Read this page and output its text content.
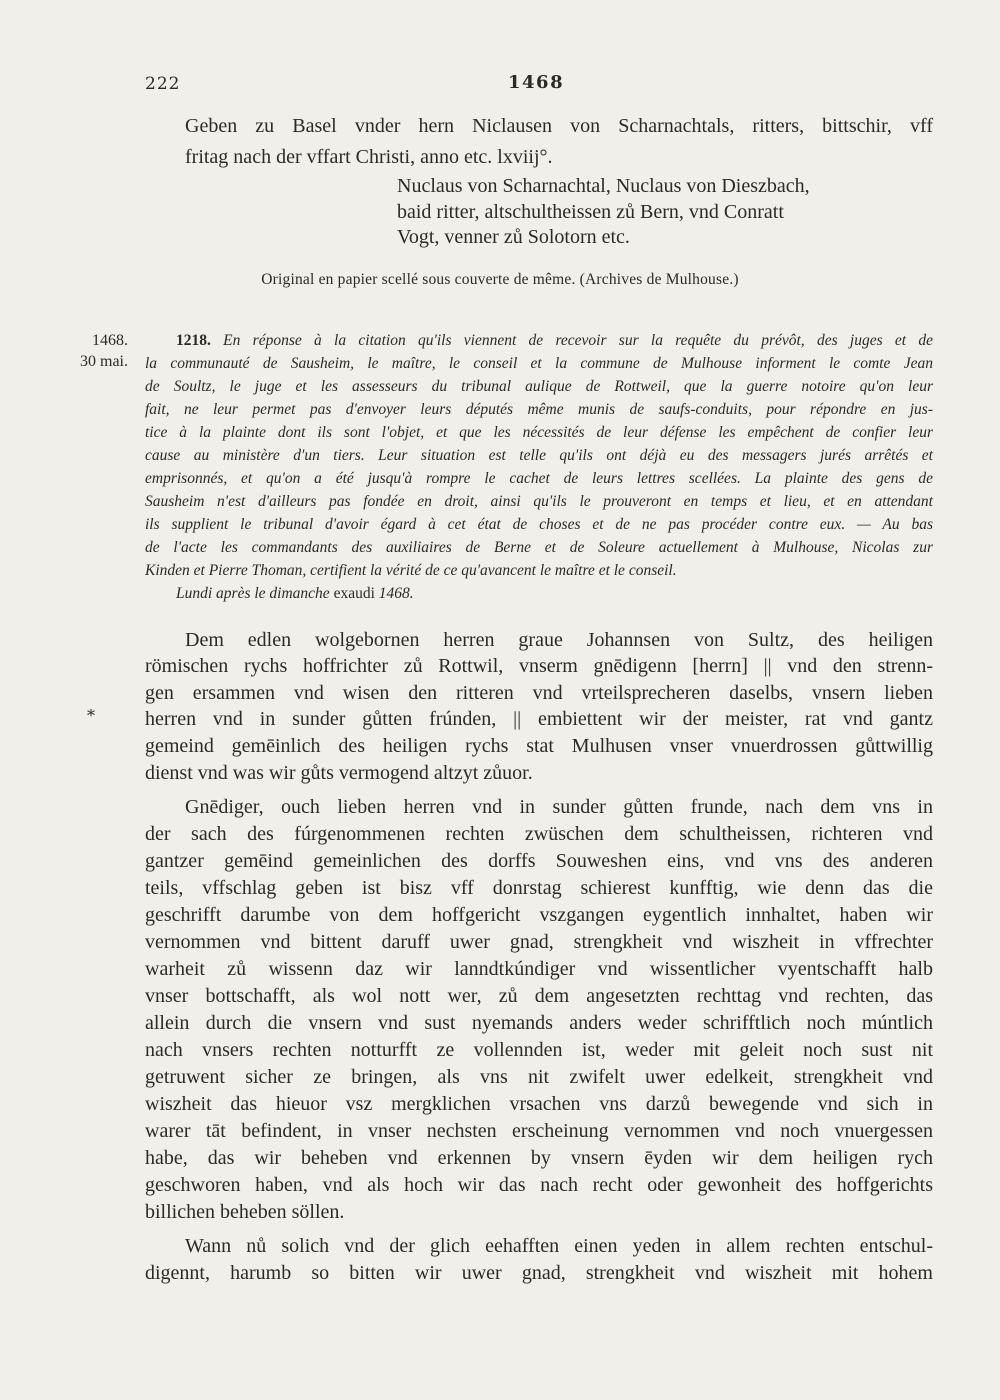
222	1468
Geben zu Basel vnder hern Niclausen von Scharnachtals, ritters, bittschir, vff
fritag nach der vffart Christi, anno etc. lxviij°.
Nuclaus von Scharnachtal, Nuclaus von Dieszbach,
baid ritter, altschultheissen zů Bern, vnd Conratt
Vogt, venner zů Solotorn etc.
Original en papier scellé sous couverte de même. (Archives de Mulhouse.)
1468.
30 mai.
1218. En réponse à la citation qu'ils viennent de recevoir sur la requête du prévôt, des juges et de
la communauté de Sausheim, le maître, le conseil et la commune de Mulhouse informent le comte Jean
de Soultz, le juge et les assesseurs du tribunal aulique de Rottweil, que la guerre notoire qu'on leur
fait, ne leur permet pas d'envoyer leurs députés même munis de saufs-conduits, pour répondre en jus-
tice à la plainte dont ils sont l'objet, et que les nécessités de leur défense les empêchent de confier leur
cause au ministère d'un tiers. Leur situation est telle qu'ils ont déjà eu des messagers jurés arrêtés et
emprisonnés, et qu'on a été jusqu'à rompre le cachet de leurs lettres scellées. La plainte des gens de
Sausheim n'est d'ailleurs pas fondée en droit, ainsi qu'ils le prouveront en temps et lieu, et en attendant
ils supplient le tribunal d'avoir égard à cet état de choses et de ne pas procéder contre eux. — Au bas
de l'acte les commandants des auxiliaires de Berne et de Soleure actuellement à Mulhouse, Nicolas zur
Kinden et Pierre Thoman, certifient la vérité de ce qu'avancent le maître et le conseil.
Lundi après le dimanche exaudi 1468.
*
Dem edlen wolgebornen herren graue Johannsen von Sultz, des heiligen
römischen rychs hoffrichter zů Rottwil, vnserm gnēdigenn [herrn] || vnd den strenn-
gen ersammen vnd wisen den ritteren vnd vrteilsprecheren daselbs, vnsern lieben
herren vnd in sunder gůtten frúnden, || embiettent wir der meister, rat vnd gantz
gemeind gemēinlich des heiligen rychs stat Mulhusen vnser vnuerdrossen gůttwillig
dienst vnd was wir gůts vermogend altzyt zůuor.
Gnēdiger, ouch lieben herren vnd in sunder gůtten frunde, nach dem vns in
der sach des fúrgenommenen rechten zwüschen dem schultheissen, richteren vnd
gantzer gemēind gemeinlichen des dorffs Souweshen eins, vnd vns des anderen
teils, vffschlag geben ist bisz vff donrstag schierest kunfftig, wie denn das die
geschrifft darumbe von dem hoffgericht vszgangen eygentlich innhaltet, haben wir
vernommen vnd bittent daruff uwer gnad, strengkheit vnd wiszheit in vffrechter
warheit zů wissenn daz wir lanndtkúndiger vnd wissentlicher vyentschafft halb
vnser bottschafft, als wol nott wer, zů dem angesetzten rechttag vnd rechten, das
allein durch die vnsern vnd sust nyemands anders weder schrifftlich noch múntlich
nach vnsers rechten notturfft ze vollennden ist, weder mit geleit noch sust nit
getruwent sicher ze bringen, als vns nit zwifelt uwer edelkeit, strengkheit vnd
wiszheit das hieuor vsz mergklichen vrsachen vns darzů bewegende vnd sich in
warer tāt befindent, in vnser nechsten erscheinung vernommen vnd noch vnuergessen
habe, das wir beheben vnd erkennen by vnsern ēyden wir dem heiligen rych
geschworen haben, vnd als hoch wir das nach recht oder gewonheit des hoffgerichts
billichen beheben söllen.
Wann nů solich vnd der glich eehafften einen yeden in allem rechten entschul-
digennt, harumb so bitten wir uwer gnad, strengkheit vnd wiszheit mit hohem
